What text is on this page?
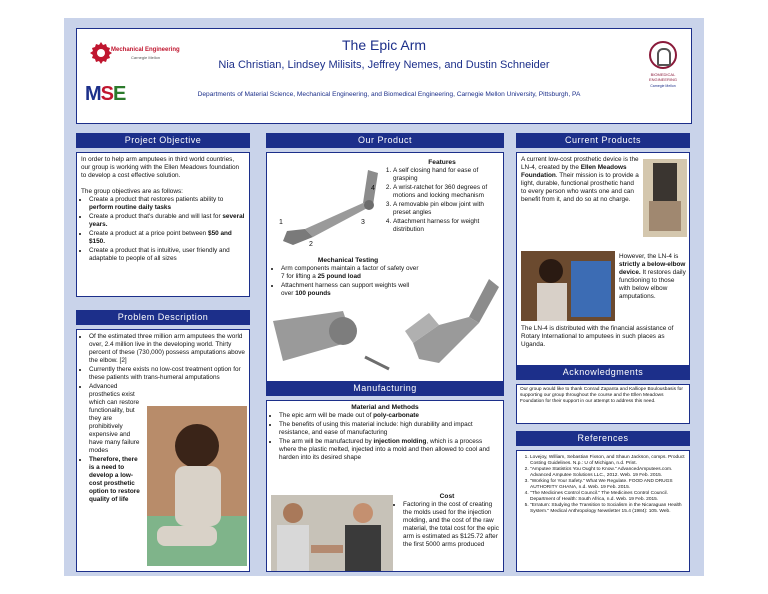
Mechanical Engineering
Carnegie Mellon
MSE
The Epic Arm
Nia Christian, Lindsey Milisits, Jeffrey Nemes, and Dustin Schneider
Departments of Material Science, Mechanical Engineering, and Biomedical Engineering, Carnegie Mellon University, Pittsburgh, PA
BIOMEDICAL ENGINEERING
Carnegie Mellon
Project Objective

In order to help arm amputees in third world countries, our group is working with the Ellen Meadows foundation to develop a cost effective solution.

The group objectives are as follows:

• Create a product that restores patients ability to perform routine daily tasks
• Create a product that's durable and will last for several years.
• Create a product at a price point between $50 and $150.
• Create a product that is intuitive, user friendly and adaptable to people of all sizes
Problem Description
• Of the estimated three million arm amputees the world over, 2.4 million live in the developing world. Thirty percent of these (730,000) possess amputations above the elbow. [2]
• Currently there exists no low-cost treatment option for these patients with trans-humeral amputations
• Advanced prosthetics exist which can restore functionality, but they are prohibitively expensive and have many failure modes
• Therefore, there is a need to develop a low-cost prosthetic option to restore quality of life
Our Product
1
2
3
4
Features
1. A self closing hand for ease of grasping
2. A wrist-ratchet for 360 degrees of motions and locking mechanism
3. A removable pin elbow joint with preset angles
4. Attachment harness for weight distribution
Mechanical Testing
• Arm components maintain a factor of safety over 7 for lifting a 25 pound load
• Attachment harness can support weights well over 100 pounds
Manufacturing
Material and Methods
• The epic arm will be made out of poly-carbonate
• The benefits of using this material include: high durability and impact resistance, and ease of manufacturing
• The arm will be manufactured by injection molding, which is a process where the plastic melted, injected into a mold and then allowed to cool and harden into its desired shape
Cost
• Factoring in the cost of creating the molds used for the injection molding, and the cost of the raw material, the total cost for the epic arm is estimated as $125.72 after the first 5000 arms produced
Current Products

A current low-cost prosthetic device is the LN-4, created by the Ellen Meadows Foundation. Their mission is to provide a light, durable, functional prosthetic hand to every person who wants one and can benefit from it, and do so at no charge.

However, the LN-4 is strictly a below-elbow device. It restores daily functioning to those with below elbow amputations.

The LN-4 is distributed with the financial assistance of Rotary International to amputees in such places as Uganda.

Acknowledgments

Our group would like to thank Conrad Zapanta and Kalliope Boulousbasis for supporting our group throughout the course and the Ellen Meadows Foundation for their support in our attempt to address this need.

References
1. Lovejoy, William, Sebastian Fixson, and Shaun Jackson, comps. Product Costing Guidelines. N.p.: U of Michigan, n.d. Print.
2. "Amputee Statistics You Ought to Know." AdvancedAmputees.com. Advanced Amputee Solutions LLC., 2012. Web. 19 Feb. 2015.
3. "Working for Your Safety." What We Regulate. FOOD AND DRUGS AUTHORITY GHANA, n.d. Web. 19 Feb. 2015.
4. "The Medicines Control Council." The Medicines Control Council. Department of Health: South Africa, n.d. Web. 19 Feb. 2015.
5. "Erratum: Studying the Transition to Socialism in the Nicaraguan Health System." Medical Anthropology Newsletter 15.4 (1984): 105. Web.
